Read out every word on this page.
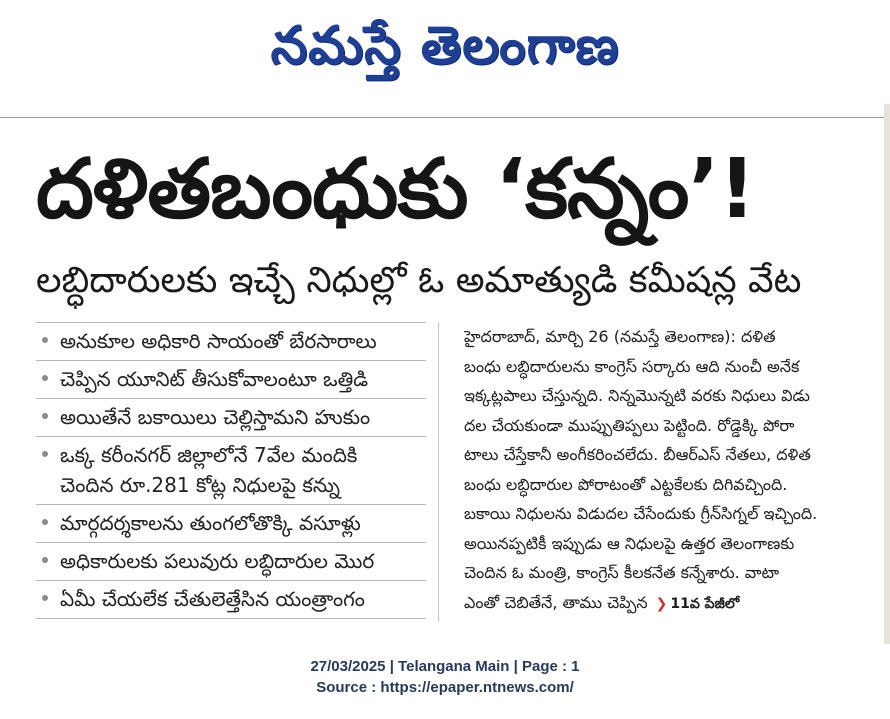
నమస్తే తెలంగాణ
దళితబంధుకు ‘కన్నం’!
లబ్ధిదారులకు ఇచ్చే నిధుల్లో ఓ అమాత్యుడి కమీషన్ల వేట
అనుకూల అధికారి సాయంతో బేరసారాలు
చెప్పిన యూనిట్ తీసుకోవాలంటూ ఒత్తిడి
అయితేనే బకాయిలు చెల్లిస్తామని హుకుం
ఒక్క కరీంనగర్ జిల్లాలోనే 7వేల మందికి
చెందిన రూ.281 కోట్ల నిధులపై కన్ను
మార్గదర్శకాలను తుంగలోతొక్కి వసూళ్లు
అధికారులకు పలువురు లబ్ధిదారుల మొర
ఏమీ చేయలేక చేతులెత్తేసిన యంత్రాంగం
హైదరాబాద్, మార్చి 26 (నమస్తే తెలంగాణ): దళిత
బంధు లబ్ధిదారులను కాంగ్రెస్ సర్కారు ఆది నుంచీ అనేక
ఇక్కట్లపాలు చేస్తున్నది. నిన్నమొన్నటి వరకు నిధులు విడు
దల చేయకుండా ముప్పుతిప్పలు పెట్టింది. రోడ్డెక్కి పోరా
టాలు చేస్తేకానీ అంగీకరించలేదు. బీఆర్ఎస్ నేతలు, దళిత
బంధు లబ్ధిదారుల పోరాటంతో ఎట్టకేలకు దిగివచ్చింది.
బకాయి నిధులను విడుదల చేసేందుకు గ్రీన్‌సిగ్నల్ ఇచ్చింది.
అయినప్పటికీ ఇప్పుడు ఆ నిధులపై ఉత్తర తెలంగాణకు
చెందిన ఓ మంత్రి, కాంగ్రెస్ కీలకనేత కన్నేశారు. వాటా
ఎంతో చెబితేనే, తాము చెప్పిన ❯ 11వ పేజీలో
27/03/2025 | Telangana Main | Page : 1
Source : https://epaper.ntnews.com/
